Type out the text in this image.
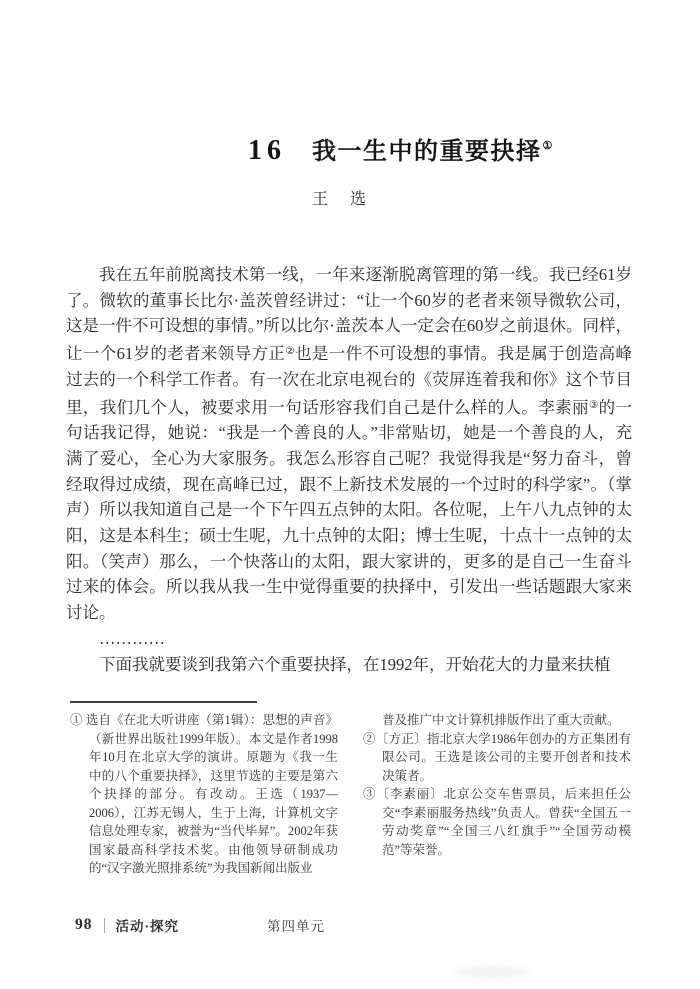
16 我一生中的重要抉择①
王　选

我在五年前脱离技术第一线，一年来逐渐脱离管理的第一线。我已经61岁了。微软的董事长比尔·盖茨曾经讲过：“让一个60岁的老者来领导微软公司，这是一件不可设想的事情。”所以比尔·盖茨本人一定会在60岁之前退休。同样，让一个61岁的老者来领导方正②也是一件不可设想的事情。我是属于创造高峰过去的一个科学工作者。有一次在北京电视台的《荧屏连着我和你》这个节目里，我们几个人，被要求用一句话形容我们自己是什么样的人。李素丽③的一句话我记得，她说：“我是一个善良的人。”非常贴切，她是一个善良的人，充满了爱心，全心为大家服务。我怎么形容自己呢？我觉得我是“努力奋斗，曾经取得过成绩，现在高峰已过，跟不上新技术发展的一个过时的科学家”。（掌声）所以我知道自己是一个下午四五点钟的太阳。各位呢，上午八九点钟的太阳，这是本科生；硕士生呢，九十点钟的太阳；博士生呢，十点十一点钟的太阳。（笑声）那么，一个快落山的太阳，跟大家讲的，更多的是自己一生奋斗过来的体会。所以我从我一生中觉得重要的抉择中，引发出一些话题跟大家来讨论。

…………

下面我就要谈到我第六个重要抉择，在1992年，开始花大的力量来扶植

① 选自《在北大听讲座（第1辑）：思想的声音》（新世界出版社1999年版）。本文是作者1998年10月在北京大学的演讲。原题为《我一生中的八个重要抉择》，这里节选的主要是第六个抉择的部分。有改动。王选（1937—2006），江苏无锡人，生于上海，计算机文字信息处理专家，被誉为“当代毕昇”。2002年获国家最高科学技术奖。由他领导研制成功的“汉字激光照排系统”为我国新闻出版业
普及推广中文计算机排版作出了重大贡献。
②〔方正〕指北京大学1986年创办的方正集团有限公司。王选是该公司的主要开创者和技术决策者。
③〔李素丽〕北京公交车售票员，后来担任公交“李素丽服务热线”负责人。曾获“全国五一劳动奖章”“全国三八红旗手”“全国劳动模范”等荣誉。
98 活动·探究	第四单元
